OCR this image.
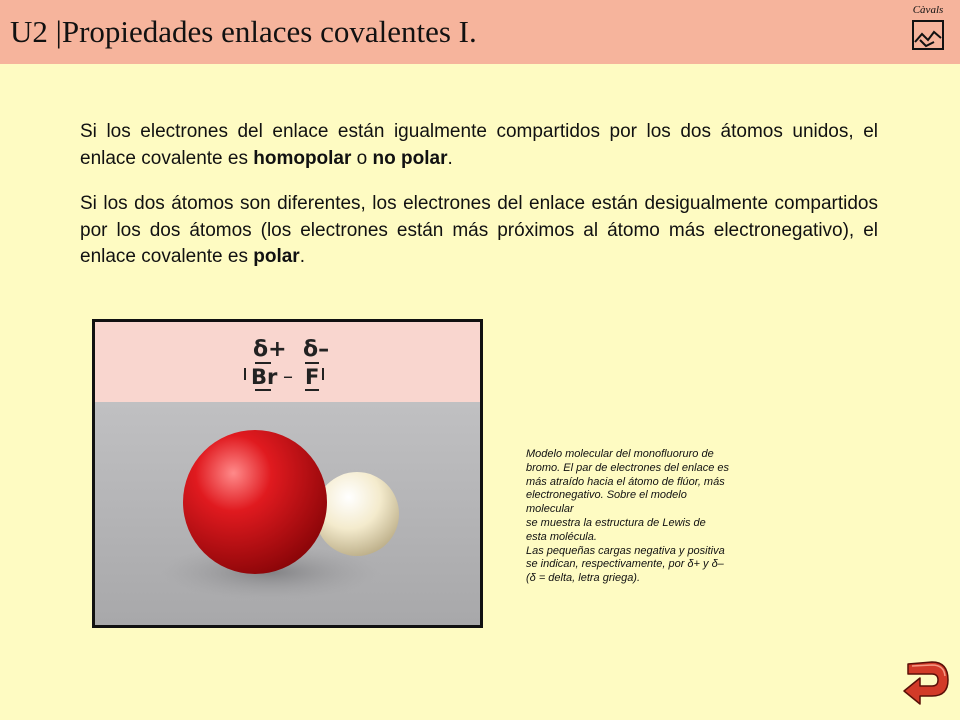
U2 |Propiedades enlaces covalentes I.
Càvals
Si los electrones del enlace están igualmente compartidos por los dos átomos unidos, el enlace covalente es homopolar o no polar.
Si los dos átomos son diferentes, los electrones del enlace están desigualmente compartidos por los dos átomos (los electrones están más próximos al átomo más electronegativo), el enlace covalente es polar.
δ+ δ–
Br – F
Modelo molecular del monofluoruro de
bromo. El par de electrones del enlace es
más atraído hacia el átomo de flúor, más
electronegativo. Sobre el modelo
molecular
se muestra la estructura de Lewis de
esta molécula.
Las pequeñas cargas negativa y positiva
se indican, respectivamente, por δ+ y δ–
(δ = delta, letra griega).
